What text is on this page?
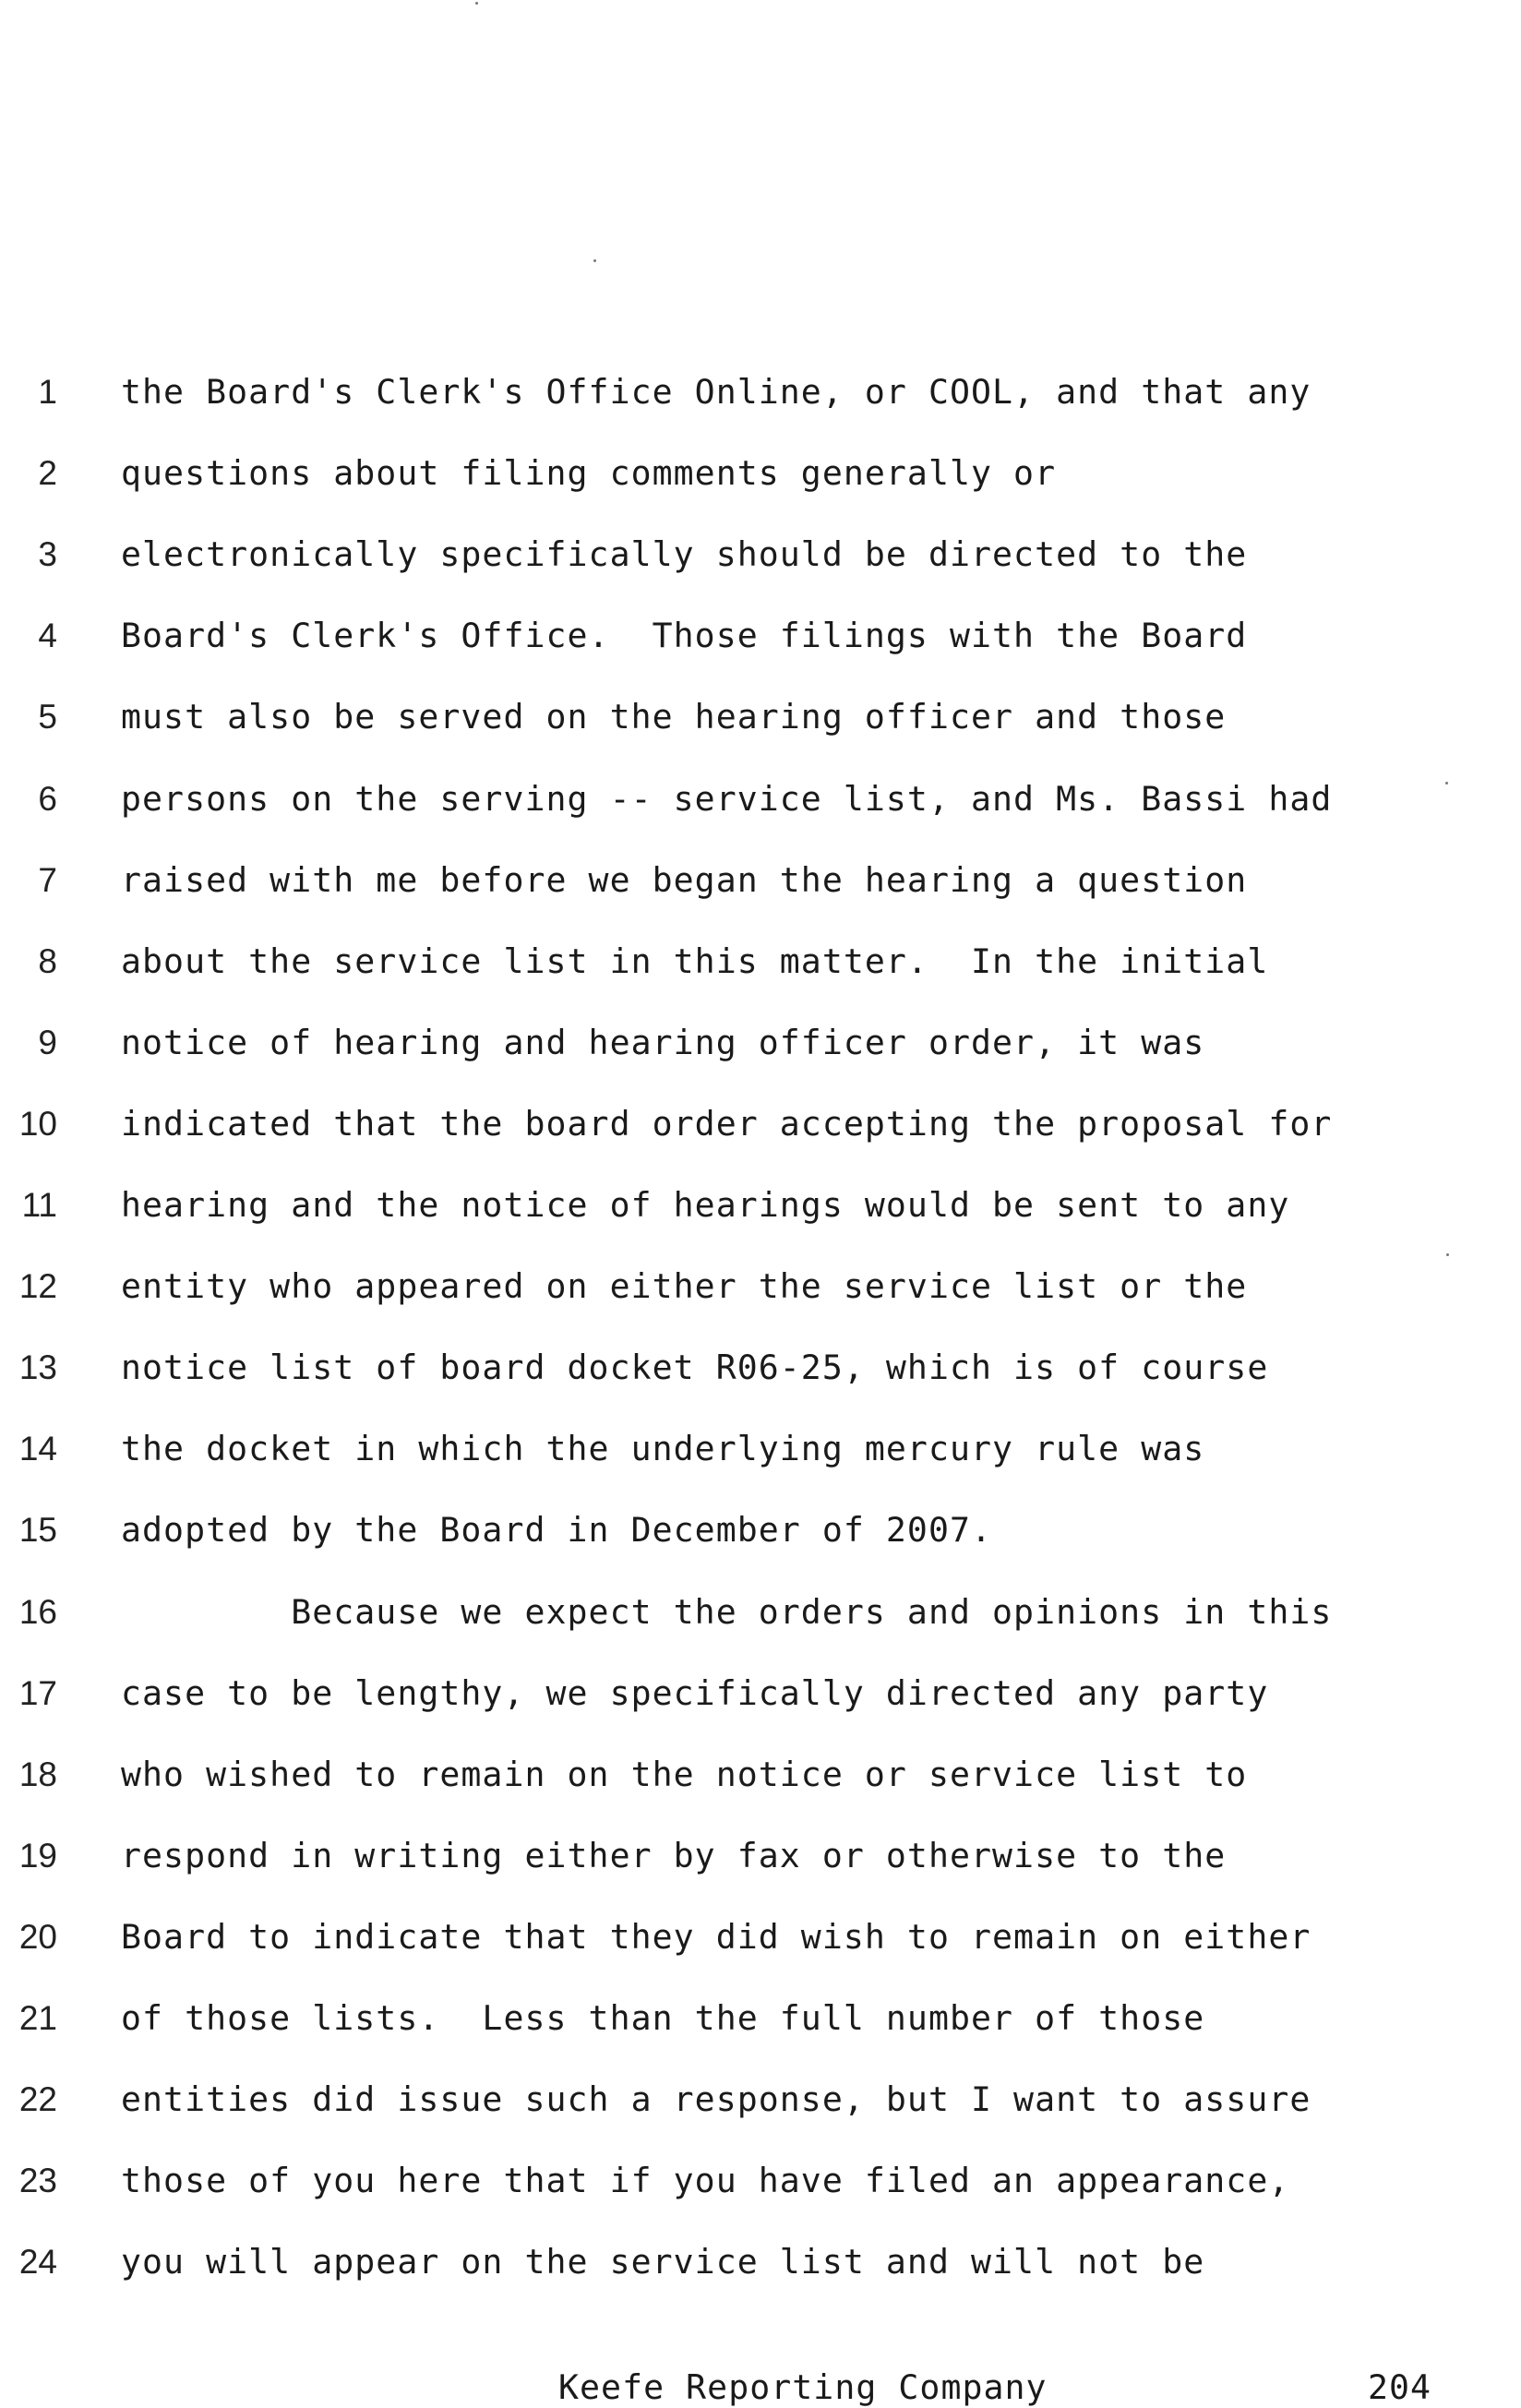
1 the Board's Clerk's Office Online, or COOL, and that any
2 questions about filing comments generally or
3 electronically specifically should be directed to the
4 Board's Clerk's Office.  Those filings with the Board
5 must also be served on the hearing officer and those
6 persons on the serving -- service list, and Ms. Bassi had
7 raised with me before we began the hearing a question
8 about the service list in this matter.  In the initial
9 notice of hearing and hearing officer order, it was
10 indicated that the board order accepting the proposal for
11 hearing and the notice of hearings would be sent to any
12 entity who appeared on either the service list or the
13 notice list of board docket R06-25, which is of course
14 the docket in which the underlying mercury rule was
15 adopted by the Board in December of 2007.
16 Because we expect the orders and opinions in this
17 case to be lengthy, we specifically directed any party
18 who wished to remain on the notice or service list to
19 respond in writing either by fax or otherwise to the
20 Board to indicate that they did wish to remain on either
21 of those lists.  Less than the full number of those
22 entities did issue such a response, but I want to assure
23 those of you here that if you have filed an appearance,
24 you will appear on the service list and will not be
Keefe Reporting Company	204
